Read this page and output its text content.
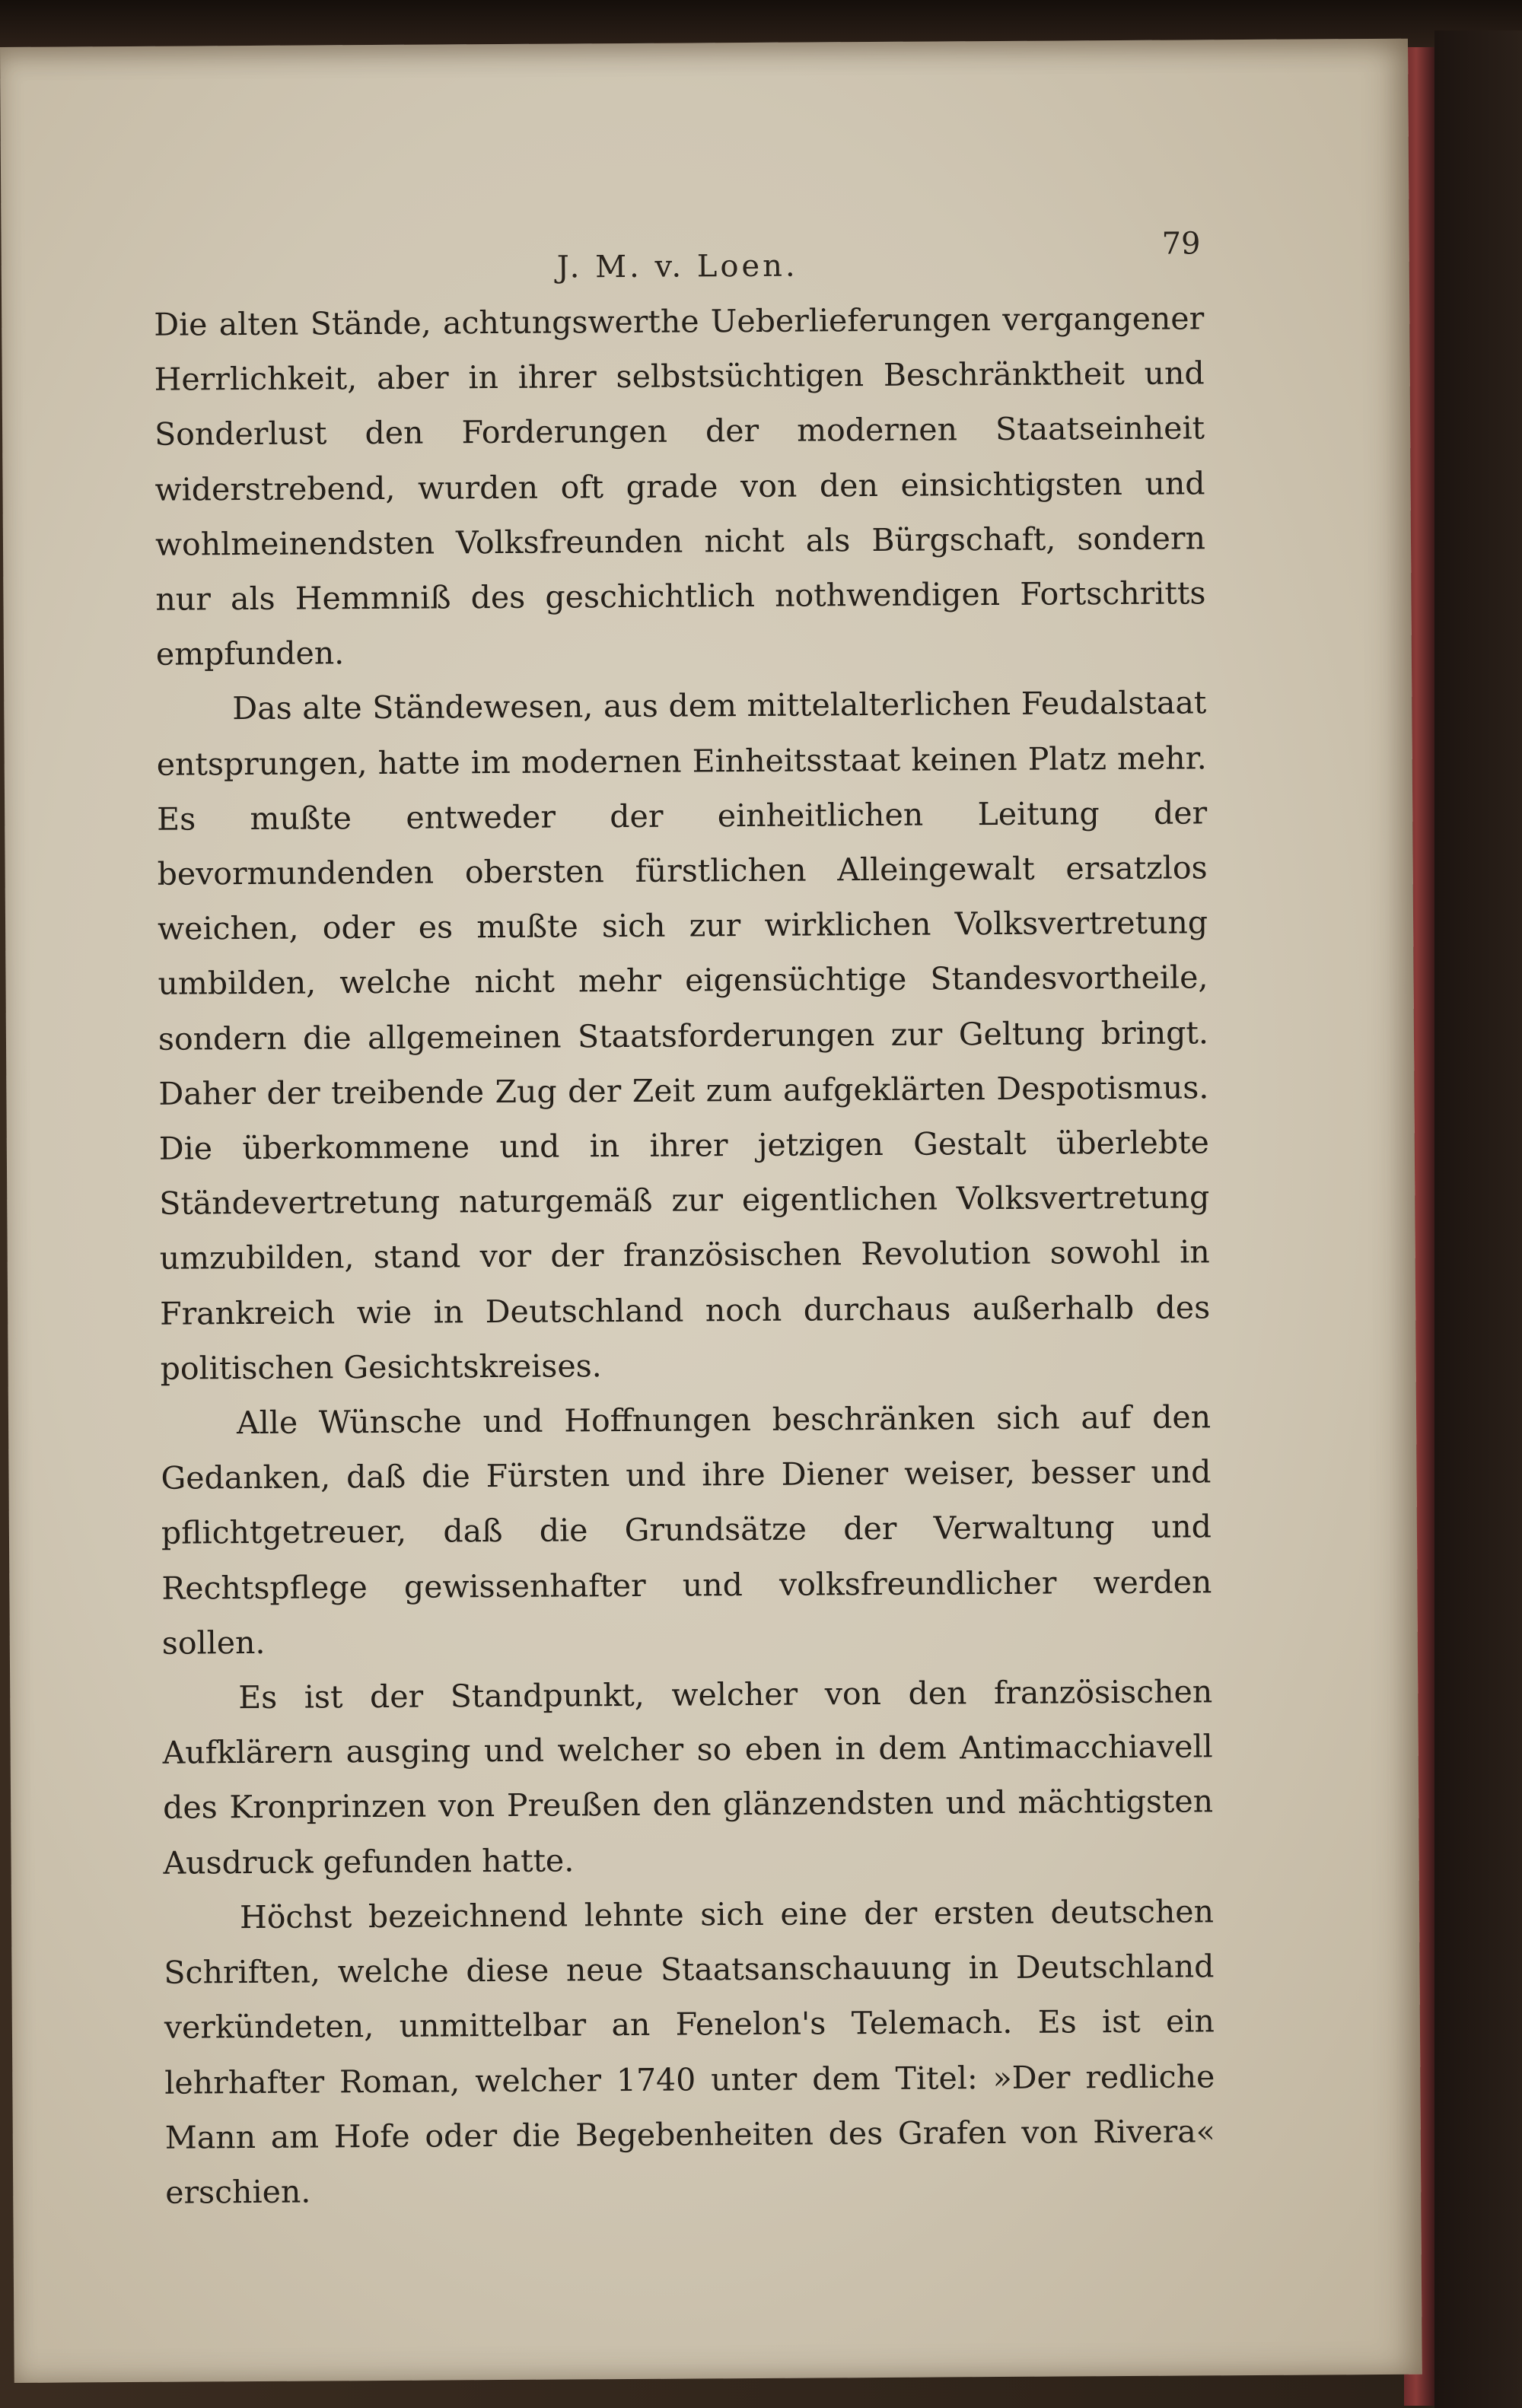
J. M. v. Loen.
79

Die alten Stände, achtungswerthe Ueberlieferungen vergangener Herrlichkeit, aber in ihrer selbstsüchtigen Beschränktheit und Sonderlust den Forderungen der modernen Staatseinheit widerstrebend, wurden oft grade von den einsichtigsten und wohlmeinendsten Volksfreunden nicht als Bürgschaft, sondern nur als Hemmniß des geschichtlich nothwendigen Fortschritts empfunden.

Das alte Ständewesen, aus dem mittelalterlichen Feudalstaat entsprungen, hatte im modernen Einheitsstaat keinen Platz mehr. Es mußte entweder der einheitlichen Leitung der bevormundenden obersten fürstlichen Alleingewalt ersatzlos weichen, oder es mußte sich zur wirklichen Volksvertretung umbilden, welche nicht mehr eigensüchtige Standesvortheile, sondern die allgemeinen Staatsforderungen zur Geltung bringt. Daher der treibende Zug der Zeit zum aufgeklärten Despotismus. Die überkommene und in ihrer jetzigen Gestalt überlebte Ständevertretung naturgemäß zur eigentlichen Volksvertretung umzubilden, stand vor der französischen Revolution sowohl in Frankreich wie in Deutschland noch durchaus außerhalb des politischen Gesichtskreises.

Alle Wünsche und Hoffnungen beschränken sich auf den Gedanken, daß die Fürsten und ihre Diener weiser, besser und pflichtgetreuer, daß die Grundsätze der Verwaltung und Rechtspflege gewissenhafter und volksfreundlicher werden sollen.

Es ist der Standpunkt, welcher von den französischen Aufklärern ausging und welcher so eben in dem Antimacchiavell des Kronprinzen von Preußen den glänzendsten und mächtigsten Ausdruck gefunden hatte.

Höchst bezeichnend lehnte sich eine der ersten deutschen Schriften, welche diese neue Staatsanschauung in Deutschland verkündeten, unmittelbar an Fenelon's Telemach. Es ist ein lehrhafter Roman, welcher 1740 unter dem Titel: »Der redliche Mann am Hofe oder die Begebenheiten des Grafen von Rivera« erschien.
